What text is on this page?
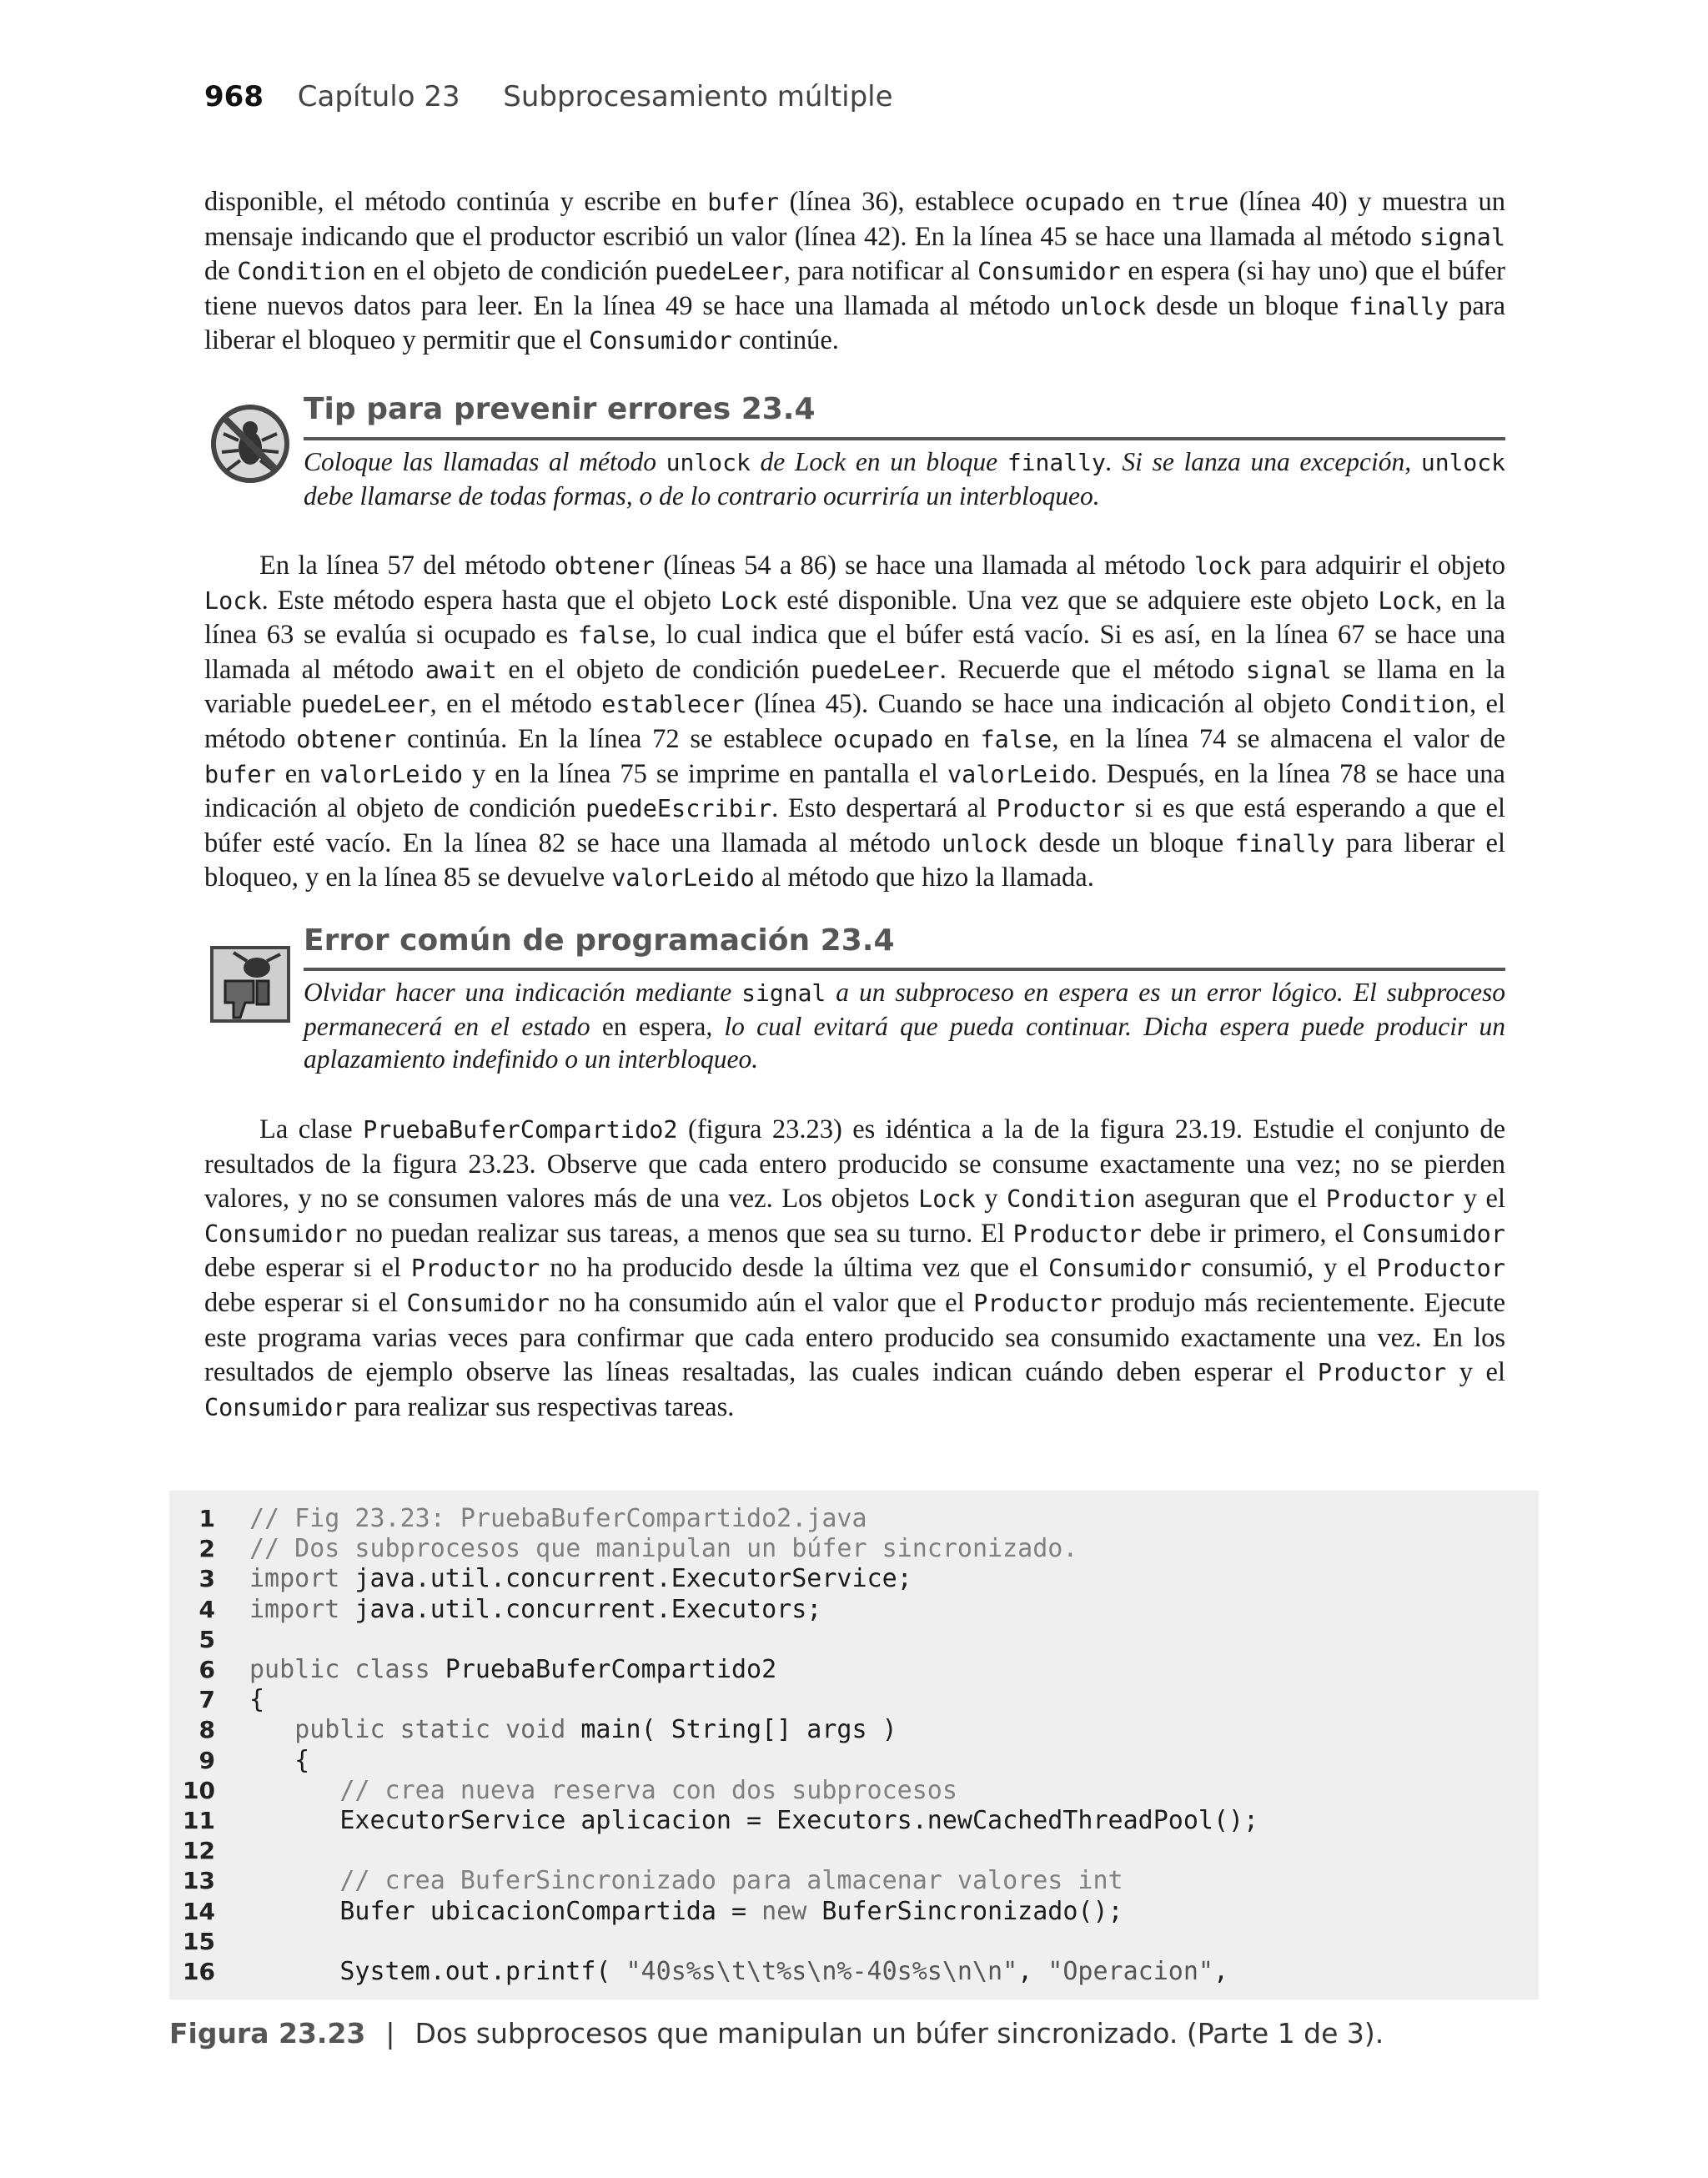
968 Capítulo 23 Subprocesamiento múltiple

disponible, el método continúa y escribe en bufer (línea 36), establece ocupado en true (línea 40) y muestra un mensaje indicando que el productor escribió un valor (línea 42). En la línea 45 se hace una llamada al método signal de Condition en el objeto de condición puedeLeer, para notificar al Consumidor en espera (si hay uno) que el búfer tiene nuevos datos para leer. En la línea 49 se hace una llamada al método unlock desde un bloque finally para liberar el bloqueo y permitir que el Consumidor continúe.

Tip para prevenir errores 23.4

Coloque las llamadas al método unlock de Lock en un bloque finally. Si se lanza una excepción, unlock debe llamarse de todas formas, o de lo contrario ocurriría un interbloqueo.

En la línea 57 del método obtener (líneas 54 a 86) se hace una llamada al método lock para adquirir el objeto Lock. Este método espera hasta que el objeto Lock esté disponible. Una vez que se adquiere este objeto Lock, en la línea 63 se evalúa si ocupado es false, lo cual indica que el búfer está vacío. Si es así, en la línea 67 se hace una llamada al método await en el objeto de condición puedeLeer. Recuerde que el método signal se llama en la variable puedeLeer, en el método establecer (línea 45). Cuando se hace una indicación al objeto Condition, el método obtener continúa. En la línea 72 se establece ocupado en false, en la línea 74 se almacena el valor de bufer en valorLeido y en la línea 75 se imprime en pantalla el valorLeido. Después, en la línea 78 se hace una indicación al objeto de condición puedeEscribir. Esto despertará al Productor si es que está esperando a que el búfer esté vacío. En la línea 82 se hace una llamada al método unlock desde un bloque finally para liberar el bloqueo, y en la línea 85 se devuelve valorLeido al método que hizo la llamada.

Error común de programación 23.4

Olvidar hacer una indicación mediante signal a un subproceso en espera es un error lógico. El subproceso permanecerá en el estado en espera, lo cual evitará que pueda continuar. Dicha espera puede producir un aplazamiento indefinido o un interbloqueo.

La clase PruebaBuferCompartido2 (figura 23.23) es idéntica a la de la figura 23.19. Estudie el conjunto de resultados de la figura 23.23. Observe que cada entero producido se consume exactamente una vez; no se pierden valores, y no se consumen valores más de una vez. Los objetos Lock y Condition aseguran que el Productor y el Consumidor no puedan realizar sus tareas, a menos que sea su turno. El Productor debe ir primero, el Consumidor debe esperar si el Productor no ha producido desde la última vez que el Consumidor consumió, y el Productor debe esperar si el Consumidor no ha consumido aún el valor que el Productor produjo más recientemente. Ejecute este programa varias veces para confirmar que cada entero producido sea consumido exactamente una vez. En los resultados de ejemplo observe las líneas resaltadas, las cuales indican cuándo deben esperar el Productor y el Consumidor para realizar sus respectivas tareas.

1 // Fig 23.23: PruebaBuferCompartido2.java
2 // Dos subprocesos que manipulan un búfer sincronizado.
3 import java.util.concurrent.ExecutorService;
4 import java.util.concurrent.Executors;
5
6 public class PruebaBuferCompartido2
7 {
8	public static void main( String[] args )
9 {
10	// crea nueva reserva con dos subprocesos
11 ExecutorService aplicacion = Executors.newCachedThreadPool();
12
13	// crea BuferSincronizado para almacenar valores int
14 Bufer ubicacionCompartida = new BuferSincronizado();
15
16 System.out.printf( "40s%s\t\t%s\n%-40s%s\n\n", "Operacion",
Figura 23.23 | Dos subprocesos que manipulan un búfer sincronizado. (Parte 1 de 3).
